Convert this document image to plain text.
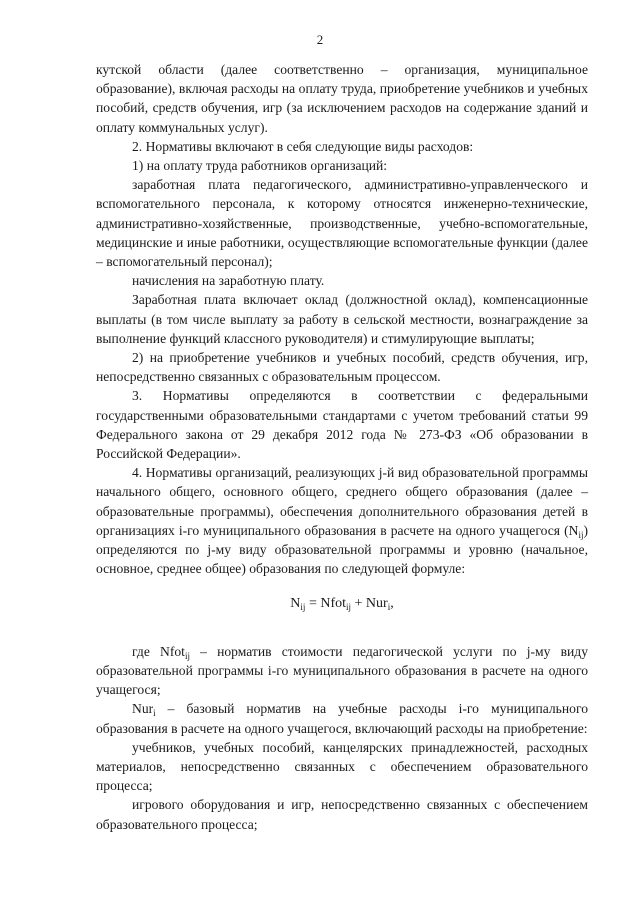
2

кутской области (далее соответственно – организация, муниципальное образование), включая расходы на оплату труда, приобретение учебников и учебных пособий, средств обучения, игр (за исключением расходов на содержание зданий и оплату коммунальных услуг).

2. Нормативы включают в себя следующие виды расходов:

1) на оплату труда работников организаций:

заработная плата педагогического, административно-управленческого и вспомогательного персонала, к которому относятся инженерно-технические, административно-хозяйственные, производственные, учебно-вспомогательные, медицинские и иные работники, осуществляющие вспомогательные функции (далее – вспомогательный персонал);

начисления на заработную плату.

Заработная плата включает оклад (должностной оклад), компенсационные выплаты (в том числе выплату за работу в сельской местности, вознаграждение за выполнение функций классного руководителя) и стимулирующие выплаты;

2) на приобретение учебников и учебных пособий, средств обучения, игр, непосредственно связанных с образовательным процессом.

3. Нормативы определяются в соответствии с федеральными государственными образовательными стандартами с учетом требований статьи 99 Федерального закона от 29 декабря 2012 года № 273-ФЗ «Об образовании в Российской Федерации».

4. Нормативы организаций, реализующих j-й вид образовательной программы начального общего, основного общего, среднего общего образования (далее – образовательные программы), обеспечения дополнительного образования детей в организациях i-го муниципального образования в расчете на одного учащегося $(N_{ij})$ определяются по j-му виду образовательной программы и уровню (начальное, основное, среднее общее) образования по следующей формуле:

$N_{ij}$ = Nfot$_{ij}$ + Nur$_i$,

где Nfot$_{ij}$ – норматив стоимости педагогической услуги по j-му виду образовательной программы i-го муниципального образования в расчете на одного учащегося;

Nur$_i$ – базовый норматив на учебные расходы i-го муниципального образования в расчете на одного учащегося, включающий расходы на приобретение:

учебников, учебных пособий, канцелярских принадлежностей, расходных материалов, непосредственно связанных с обеспечением образовательного процесса;

игрового оборудования и игр, непосредственно связанных с обеспечением образовательного процесса;
